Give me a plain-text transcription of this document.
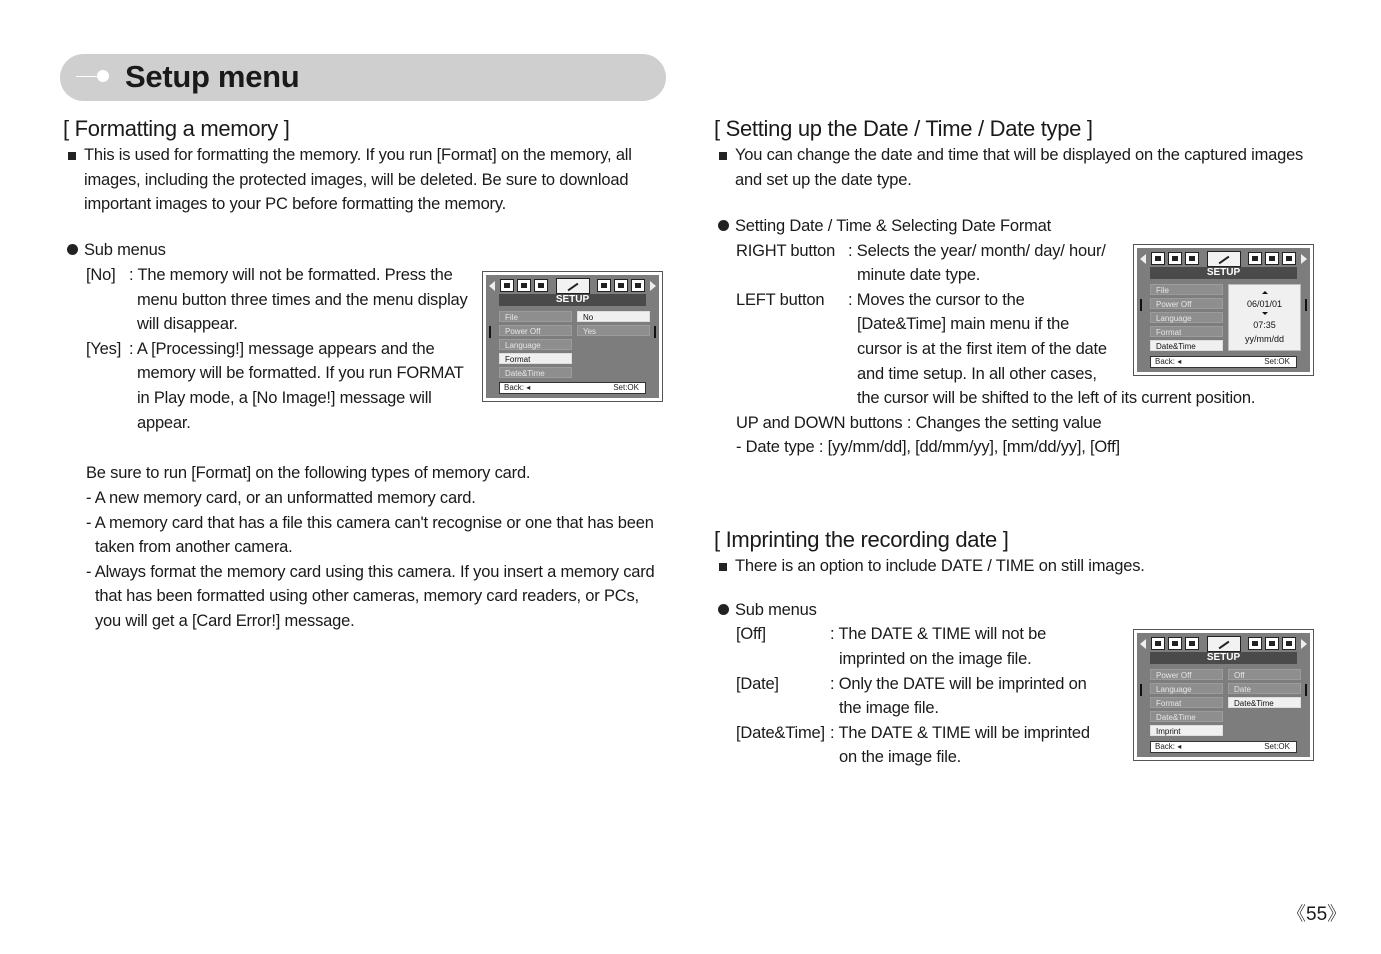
Setup menu
[ Formatting a memory ]
This is used for formatting the memory. If you run [Format] on the memory, all
images, including the protected images, will be deleted. Be sure to download
important images to your PC before formatting the memory.
Sub menus
[No] : The memory will not be formatted. Press the
menu button three times and the menu display
will disappear.
[Yes] : A [Processing!] message appears and the
memory will be formatted. If you run FORMAT
in Play mode, a [No Image!] message will
appear.
Be sure to run [Format] on the following types of memory card.
- A new memory card, or an unformatted memory card.
- A memory card that has a file this camera can't recognise or one that has been
taken from another camera.
- Always format the memory card using this camera. If you insert a memory card
that has been formatted using other cameras, memory card readers, or PCs,
you will get a [Card Error!] message.
SETUP
File
Power Off
Language
Format
Date&Time
No
Yes
Back: ◂	Set:OK
[ Setting up the Date / Time / Date type ]
You can change the date and time that will be displayed on the captured images
and set up the date type.
Setting Date / Time & Selecting Date Format
RIGHT button : Selects the year/ month/ day/ hour/
minute date type.
LEFT button : Moves the cursor to the
[Date&Time] main menu if the
cursor is at the first item of the date
and time setup. In all other cases,
the cursor will be shifted to the left of its current position.
UP and DOWN buttons : Changes the setting value
- Date type : [yy/mm/dd], [dd/mm/yy], [mm/dd/yy], [Off]
SETUP
File
Power Off
Language
Format
Date&Time
06/01/01
07:35
yy/mm/dd
Back: ◂	Set:OK
[ Imprinting the recording date ]
There is an option to include DATE / TIME on still images.
Sub menus
[Off]	: The DATE & TIME will not be
imprinted on the image file.
[Date]	: Only the DATE will be imprinted on
the image file.
[Date&Time] : The DATE & TIME will be imprinted
on the image file.
SETUP
Power Off
Language
Format
Date&Time
Imprint
Off
Date
Date&Time
Back: ◂	Set:OK
《55》
